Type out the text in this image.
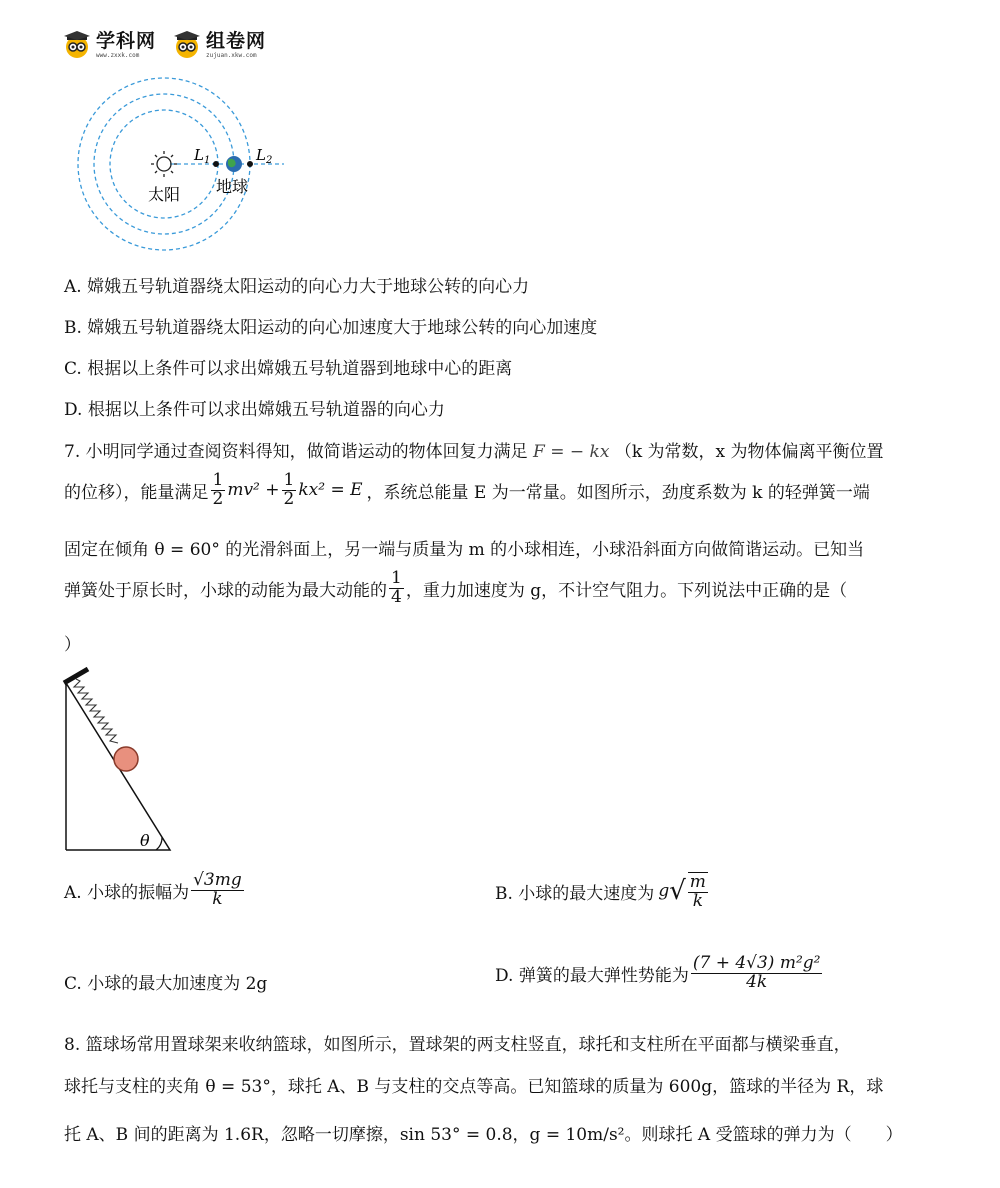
学科网
www.zxxk.com
组卷网
zujuan.xkw.com
$L_1$	$L_2$
太阳 地球
A. 嫦娥五号轨道器绕太阳运动的向心力大于地球公转的向心力
B. 嫦娥五号轨道器绕太阳运动的向心加速度大于地球公转的向心加速度
C. 根据以上条件可以求出嫦娥五号轨道器到地球中心的距离
D. 根据以上条件可以求出嫦娥五号轨道器的向心力
7. 小明同学通过查阅资料得知，做简谐运动的物体回复力满足 F = − kx （k 为常数，x 为物体偏离平衡位置
的位移），能量满足 $\frac{1}{2} mv^2 + \frac{1}{2} kx^2 = E$ ，系统总能量 E 为一常量。如图所示，劲度系数为 k 的轻弹簧一端
固定在倾角 θ = 60° 的光滑斜面上，另一端与质量为 m 的小球相连，小球沿斜面方向做简谐运动。已知当
弹簧处于原长时，小球的动能为最大动能的 $\frac{1}{4}$ ，重力加速度为 g，不计空气阻力。下列说法中正确的是（
）
θ
A. 小球的振幅为 $\frac{√3mg}{k}$	B. 小球的最大速度为 g √ $\frac{m}{k}$
C. 小球的最大加速度为 2g	D. 弹簧的最大弹性势能为 $\frac{\text{(7 + 4√3) m²g²}}{4k}$
8. 篮球场常用置球架来收纳篮球，如图所示，置球架的两支柱竖直，球托和支柱所在平面都与横梁垂直，
球托与支柱的夹角 θ = 53°，球托 A、B 与支柱的交点等高。已知篮球的质量为 600g，篮球的半径为 R，球
托 A、B 间的距离为 1.6R，忽略一切摩擦，sin 53° = 0.8，g = 10m/s²。则球托 A 受篮球的弹力为（　　）
